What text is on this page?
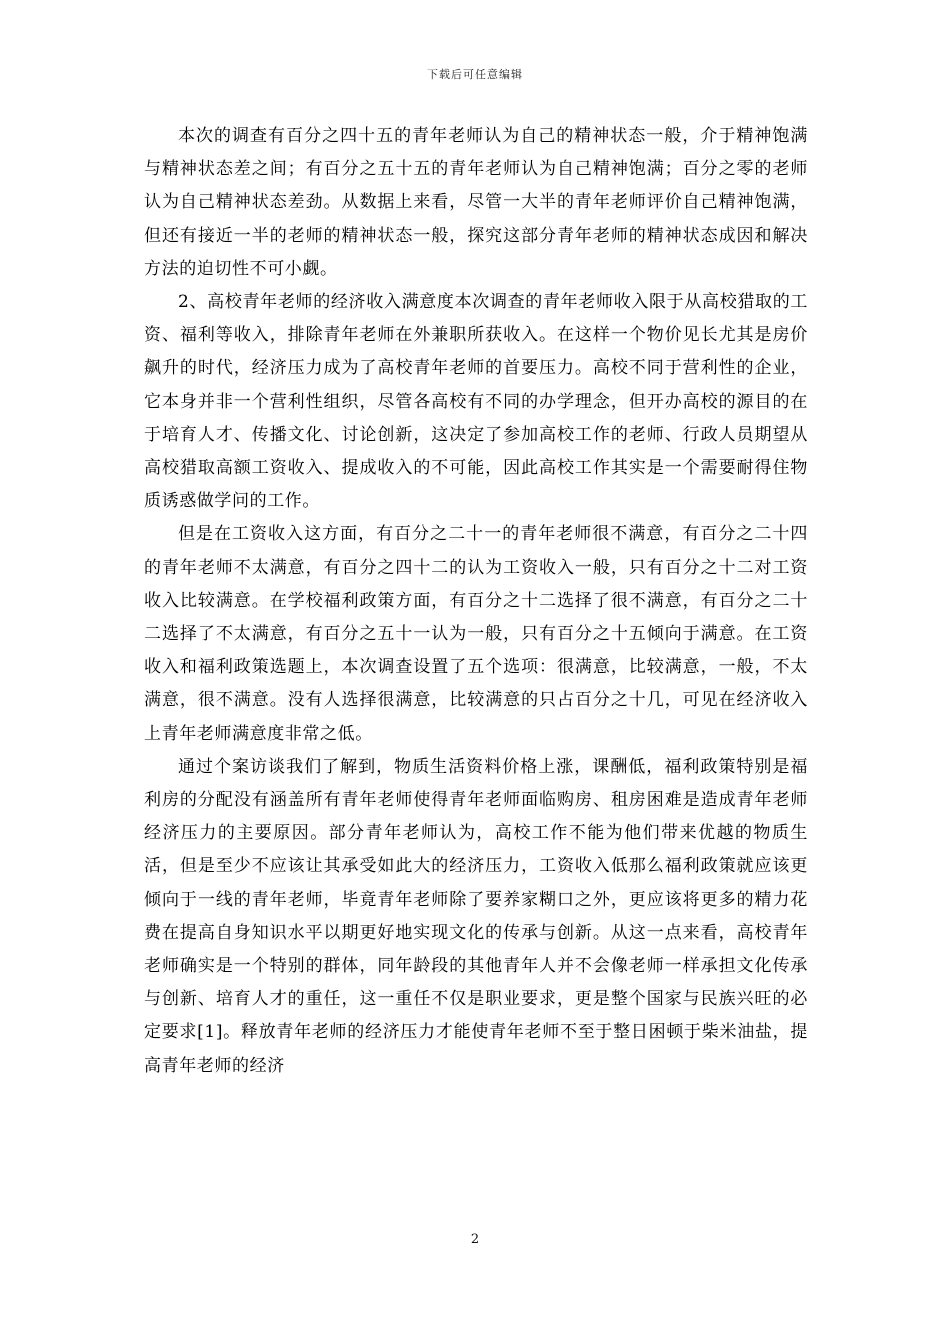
下载后可任意编辑

本次的调查有百分之四十五的青年老师认为自己的精神状态一般，介于精神饱满与精神状态差之间；有百分之五十五的青年老师认为自己精神饱满；百分之零的老师认为自己精神状态差劲。从数据上来看，尽管一大半的青年老师评价自己精神饱满，但还有接近一半的老师的精神状态一般，探究这部分青年老师的精神状态成因和解决方法的迫切性不可小觑。

2、高校青年老师的经济收入满意度本次调查的青年老师收入限于从高校猎取的工资、福利等收入，排除青年老师在外兼职所获收入。在这样一个物价见长尤其是房价飙升的时代，经济压力成为了高校青年老师的首要压力。高校不同于营利性的企业，它本身并非一个营利性组织，尽管各高校有不同的办学理念，但开办高校的源目的在于培育人才、传播文化、讨论创新，这决定了参加高校工作的老师、行政人员期望从高校猎取高额工资收入、提成收入的不可能，因此高校工作其实是一个需要耐得住物质诱惑做学问的工作。

但是在工资收入这方面，有百分之二十一的青年老师很不满意，有百分之二十四的青年老师不太满意，有百分之四十二的认为工资收入一般，只有百分之十二对工资收入比较满意。在学校福利政策方面，有百分之十二选择了很不满意，有百分之二十二选择了不太满意，有百分之五十一认为一般，只有百分之十五倾向于满意。在工资收入和福利政策选题上，本次调查设置了五个选项：很满意，比较满意，一般，不太满意，很不满意。没有人选择很满意，比较满意的只占百分之十几，可见在经济收入上青年老师满意度非常之低。

通过个案访谈我们了解到，物质生活资料价格上涨，课酬低，福利政策特别是福利房的分配没有涵盖所有青年老师使得青年老师面临购房、租房困难是造成青年老师经济压力的主要原因。部分青年老师认为，高校工作不能为他们带来优越的物质生活，但是至少不应该让其承受如此大的经济压力，工资收入低那么福利政策就应该更倾向于一线的青年老师，毕竟青年老师除了要养家糊口之外，更应该将更多的精力花费在提高自身知识水平以期更好地实现文化的传承与创新。从这一点来看，高校青年老师确实是一个特别的群体，同年龄段的其他青年人并不会像老师一样承担文化传承与创新、培育人才的重任，这一重任不仅是职业要求，更是整个国家与民族兴旺的必定要求[1]。释放青年老师的经济压力才能使青年老师不至于整日困顿于柴米油盐，提高青年老师的经济

2
